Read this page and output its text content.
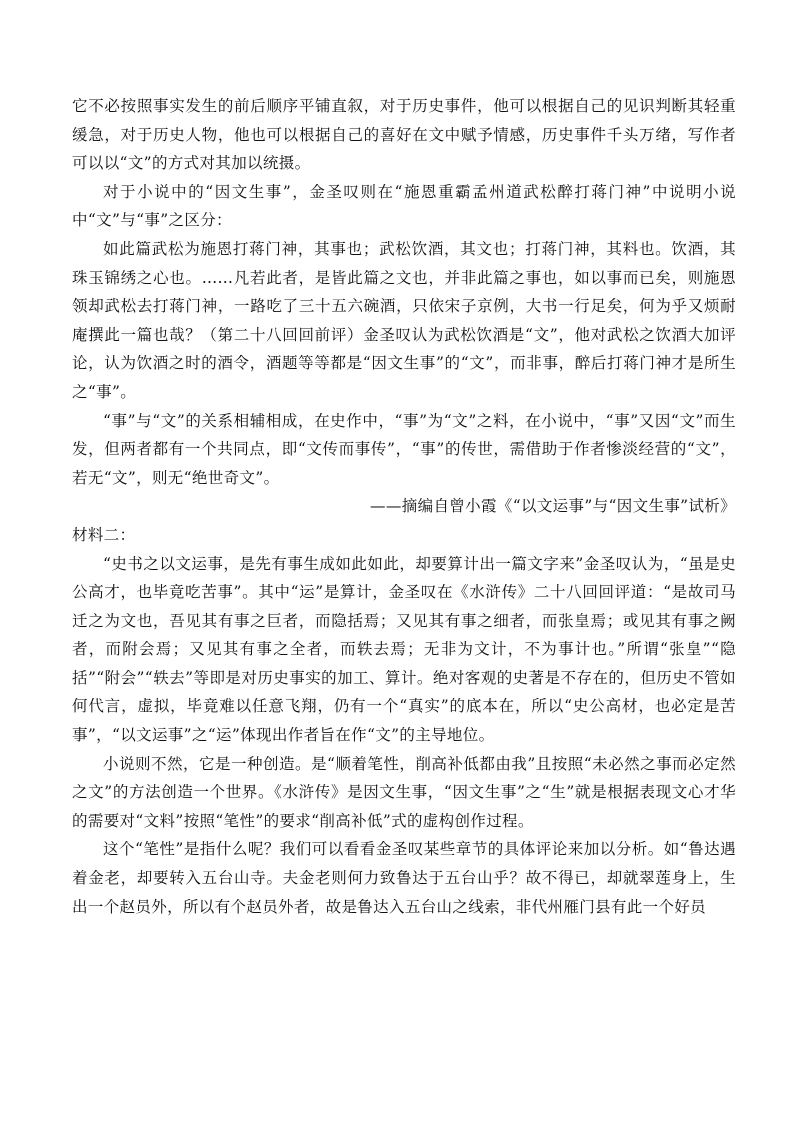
它不必按照事实发生的前后顺序平铺直叙，对于历史事件，他可以根据自己的见识判断其轻重缓急，对于历史人物，他也可以根据自己的喜好在文中赋予情感，历史事件千头万绪，写作者可以以“文”的方式对其加以统摄。

对于小说中的“因文生事”，金圣叹则在“施恩重霸孟州道武松醉打蒋门神”中说明小说中“文”与“事”之区分：

如此篇武松为施恩打蒋门神，其事也；武松饮酒，其文也；打蒋门神，其料也。饮酒，其珠玉锦绣之心也。……凡若此者，是皆此篇之文也，并非此篇之事也，如以事而已矣，则施恩领却武松去打蒋门神，一路吃了三十五六碗酒，只依宋子京例，大书一行足矣，何为乎又烦耐庵撰此一篇也哉？（第二十八回回前评）金圣叹认为武松饮酒是“文”，他对武松之饮酒大加评论，认为饮酒之时的酒令，酒题等等都是“因文生事”的“文”，而非事，醉后打蒋门神才是所生之“事”。

“事”与“文”的关系相辅相成，在史作中，“事”为“文”之料，在小说中，“事”又因“文”而生发，但两者都有一个共同点，即“文传而事传”，“事”的传世，需借助于作者惨淡经营的“文”，若无“文”，则无“绝世奇文”。

——摘编自曾小霞《“以文运事”与“因文生事”试析》

材料二：

“史书之以文运事，是先有事生成如此如此，却要算计出一篇文字来”金圣叹认为，“虽是史公高才，也毕竟吃苦事”。其中“运”是算计，金圣叹在《水浒传》二十八回回评道：“是故司马迁之为文也，吾见其有事之巨者，而隐括焉；又见其有事之细者，而张皇焉；或见其有事之阙者，而附会焉；又见其有事之全者，而轶去焉；无非为文计，不为事计也。”所谓“张皇”“隐括”“附会”“轶去”等即是对历史事实的加工、算计。绝对客观的史著是不存在的，但历史不管如何代言，虚拟，毕竟难以任意飞翔，仍有一个“真实”的底本在，所以“史公高材，也必定是苦事”，“以文运事”之“运”体现出作者旨在作“文”的主导地位。

小说则不然，它是一种创造。是“顺着笔性，削高补低都由我”且按照“未必然之事而必定然之文”的方法创造一个世界。《水浒传》是因文生事，“因文生事”之“生”就是根据表现文心才华的需要对“文料”按照“笔性”的要求“削高补低”式的虚构创作过程。

这个“笔性”是指什么呢？我们可以看看金圣叹某些章节的具体评论来加以分析。如“鲁达遇着金老，却要转入五台山寺。夫金老则何力致鲁达于五台山乎？故不得已，却就翠莲身上，生出一个赵员外，所以有个赵员外者，故是鲁达入五台山之线索，非代州雁门县有此一个好员
